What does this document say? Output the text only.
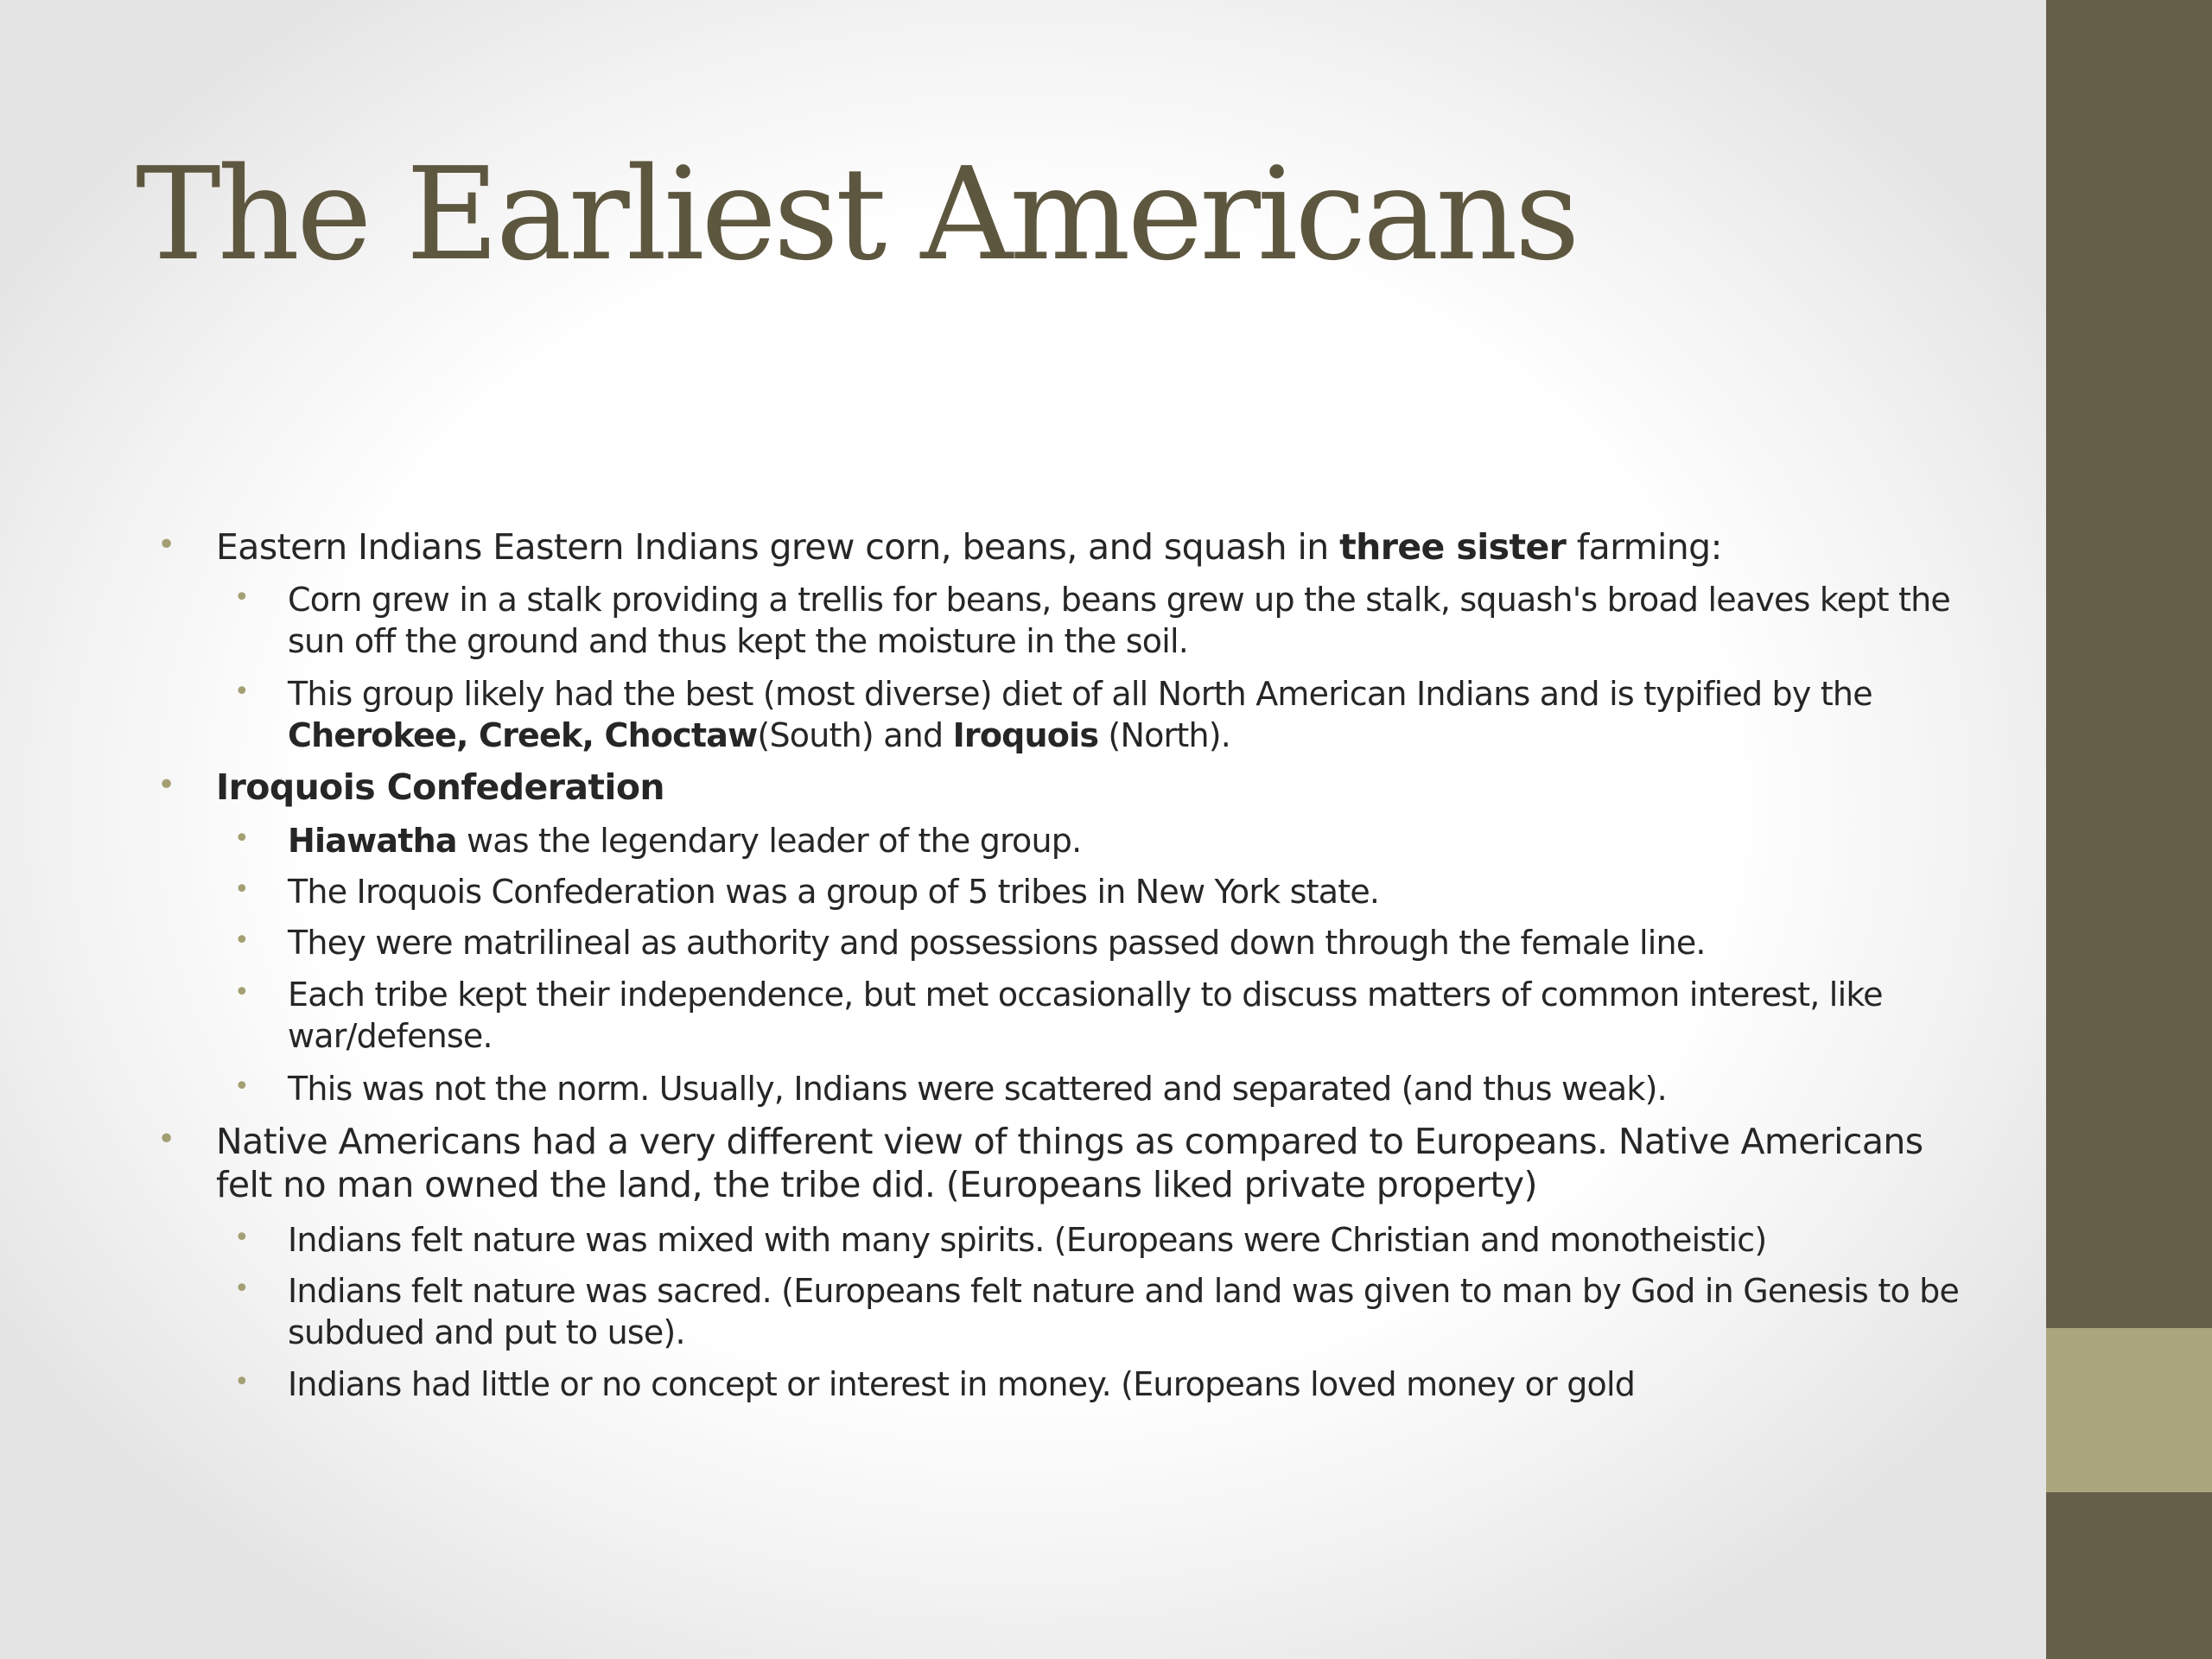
The Earliest Americans
• Eastern Indians Eastern Indians grew corn, beans, and squash in three sister farming:
• Corn grew in a stalk providing a trellis for beans, beans grew up the stalk, squash's broad leaves kept the sun off the ground and thus kept the moisture in the soil.
• This group likely had the best (most diverse) diet of all North American Indians and is typified by the Cherokee, Creek, Choctaw(South) and Iroquois (North).
• Iroquois Confederation
• Hiawatha was the legendary leader of the group.
• The Iroquois Confederation was a group of 5 tribes in New York state.
• They were matrilineal as authority and possessions passed down through the female line.
• Each tribe kept their independence, but met occasionally to discuss matters of common interest, like war/defense.
• This was not the norm. Usually, Indians were scattered and separated (and thus weak).
• Native Americans had a very different view of things as compared to Europeans. Native Americans felt no man owned the land, the tribe did. (Europeans liked private property)
• Indians felt nature was mixed with many spirits. (Europeans were Christian and monotheistic)
• Indians felt nature was sacred. (Europeans felt nature and land was given to man by God in Genesis to be subdued and put to use).
• Indians had little or no concept or interest in money. (Europeans loved money or gold
